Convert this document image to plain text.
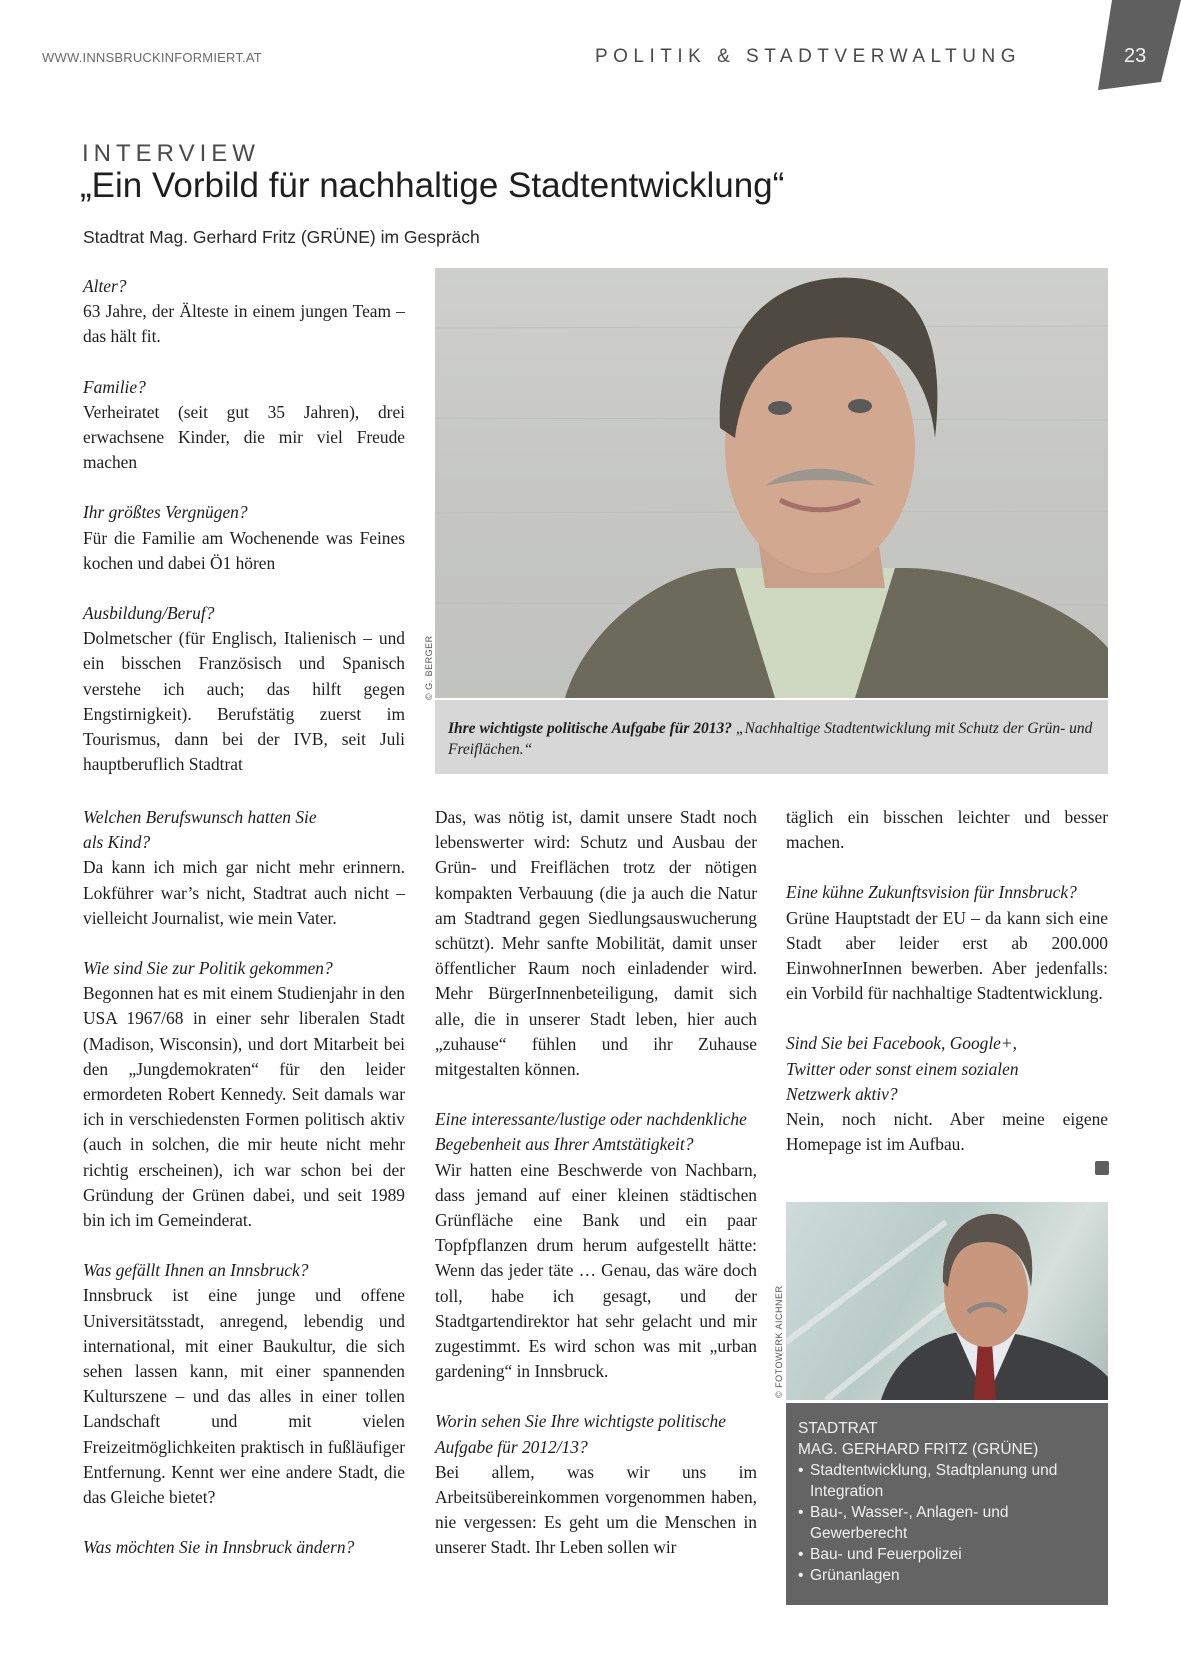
WWW.INNSBRUCKINFORMIERT.AT	POLITIK & STADTVERWALTUNG	23
INTERVIEW
„Ein Vorbild für nachhaltige Stadtentwicklung“
Stadtrat Mag. Gerhard Fritz (GRÜNE) im Gespräch

Alter?

63 Jahre, der Älteste in einem jungen Team – das hält fit.

Familie?

Verheiratet (seit gut 35 Jahren), drei erwachsene Kinder, die mir viel Freude machen

Ihr größtes Vergnügen?

Für die Familie am Wochenende was Feines kochen und dabei Ö1 hören

Ausbildung/Beruf?

Dolmetscher (für Englisch, Italienisch – und ein bisschen Französisch und Spanisch verstehe ich auch; das hilft gegen Engstirnigkeit). Berufstätig zuerst im Tourismus, dann bei der IVB, seit Juli hauptberuflich Stadtrat

© G. BERGER
Ihre wichtigste politische Aufgabe für 2013? „Nachhaltige Stadtentwicklung mit Schutz der Grün- und Freiflächen.“

Welchen Berufswunsch hatten Sie als Kind?

Da kann ich mich gar nicht mehr erinnern. Lokführer war’s nicht, Stadtrat auch nicht – vielleicht Journalist, wie mein Vater.

Wie sind Sie zur Politik gekommen?

Begonnen hat es mit einem Studienjahr in den USA 1967/68 in einer sehr liberalen Stadt (Madison, Wisconsin), und dort Mitarbeit bei den „Jungdemokraten“ für den leider ermordeten Robert Kennedy. Seit damals war ich in verschiedensten Formen politisch aktiv (auch in solchen, die mir heute nicht mehr richtig erscheinen), ich war schon bei der Gründung der Grünen dabei, und seit 1989 bin ich im Gemeinderat.

Was gefällt Ihnen an Innsbruck?

Innsbruck ist eine junge und offene Universitätsstadt, anregend, lebendig und international, mit einer Baukultur, die sich sehen lassen kann, mit einer spannenden Kulturszene – und das alles in einer tollen Landschaft und mit vielen Freizeitmöglichkeiten praktisch in fußläufiger Entfernung. Kennt wer eine andere Stadt, die das Gleiche bietet?

Was möchten Sie in Innsbruck ändern?

Das, was nötig ist, damit unsere Stadt noch lebenswerter wird: Schutz und Ausbau der Grün- und Freiflächen trotz der nötigen kompakten Verbauung (die ja auch die Natur am Stadtrand gegen Siedlungsauswucherung schützt). Mehr sanfte Mobilität, damit unser öffentlicher Raum noch einladender wird. Mehr BürgerInnenbeteiligung, damit sich alle, die in unserer Stadt leben, hier auch „zuhause“ fühlen und ihr Zuhause mitgestalten können.

Eine interessante/lustige oder nachdenkliche Begebenheit aus Ihrer Amtstätigkeit?

Wir hatten eine Beschwerde von Nachbarn, dass jemand auf einer kleinen städtischen Grünfläche eine Bank und ein paar Topfpflanzen drum herum aufgestellt hätte: Wenn das jeder täte … Genau, das wäre doch toll, habe ich gesagt, und der Stadtgartendirektor hat sehr gelacht und mir zugestimmt. Es wird schon was mit „urban gardening“ in Innsbruck.

Worin sehen Sie Ihre wichtigste politische Aufgabe für 2012/13?

Bei allem, was wir uns im Arbeitsübereinkommen vorgenommen haben, nie vergessen: Es geht um die Menschen in unserer Stadt. Ihr Leben sollen wir

täglich ein bisschen leichter und besser machen.

Eine kühne Zukunftsvision für Innsbruck?

Grüne Hauptstadt der EU – da kann sich eine Stadt aber leider erst ab 200.000 EinwohnerInnen bewerben. Aber jedenfalls: ein Vorbild für nachhaltige Stadtentwicklung.

Sind Sie bei Facebook, Google+, Twitter oder sonst einem sozialen Netzwerk aktiv?

Nein, noch nicht. Aber meine eigene Homepage ist im Aufbau.

© FOTOWERK AICHNER

STADTRAT

MAG. GERHARD FRITZ (GRÜNE)

• Stadtentwicklung, Stadtplanung und Integration
• Bau-, Wasser-, Anlagen- und Gewerberecht
• Bau- und Feuerpolizei
• Grünanlagen
